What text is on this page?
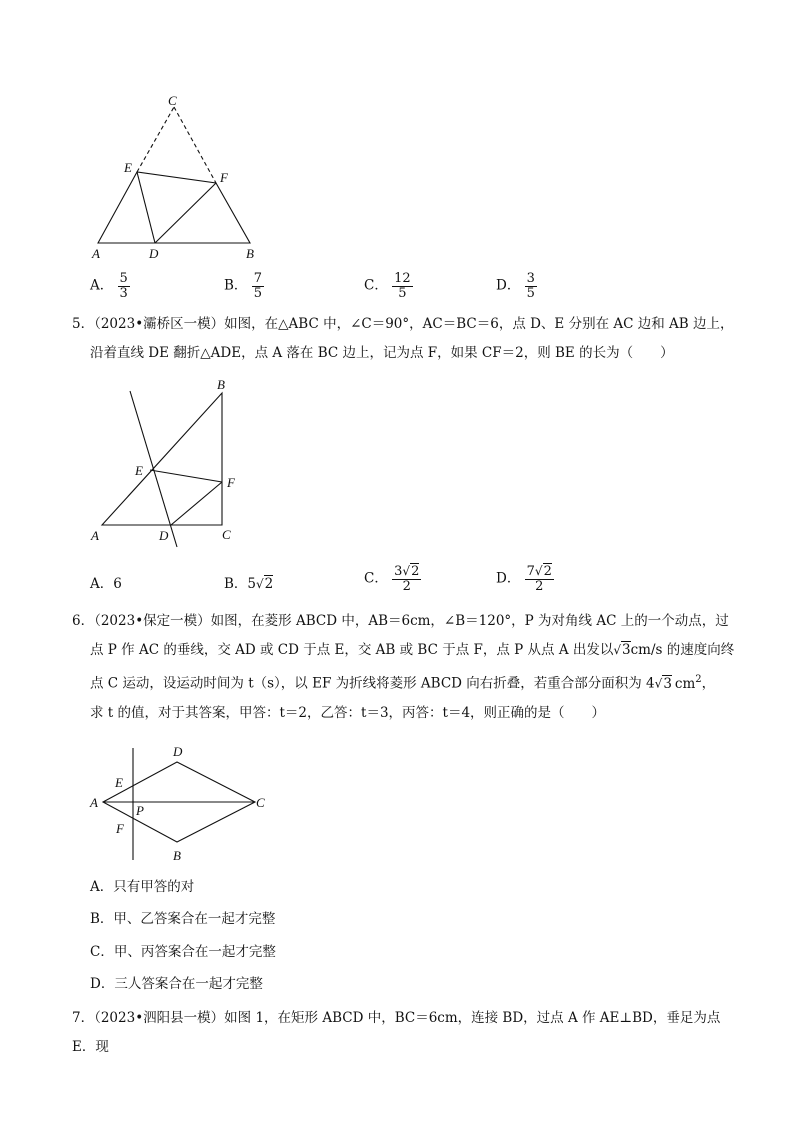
C
E
F
A	D	B
A． $\frac{5}{3}$	B． $\frac{7}{5}$	C． $\frac{12}{5}$	D． $\frac{3}{5}$
5．（2023•灞桥区一模）如图，在△ABC 中，∠C＝90°，AC＝BC＝6，点 D、E 分别在 AC 边和 AB 边上，
沿着直线 DE 翻折△ADE，点 A 落在 BC 边上，记为点 F，如果 CF＝2，则 BE 的长为（　　）
B
E
F
A	D	C
A．6	B．5√2	C． $\frac{3√2}{2}$	D． $\frac{7√2}{2}$
6．（2023•保定一模）如图，在菱形 ABCD 中，AB＝6cm，∠B＝120°，P 为对角线 AC 上的一个动点，过
点 P 作 AC 的垂线，交 AD 或 CD 于点 E，交 AB 或 BC 于点 F，点 P 从点 A 出发以√3cm/s 的速度向终
点 C 运动，设运动时间为 t（s），以 EF 为折线将菱形 ABCD 向右折叠，若重合部分面积为 4√3 $cm^2$，
求 t 的值，对于其答案，甲答：t＝2，乙答：t＝3，丙答：t＝4，则正确的是（　　）
D
E
A
P
C
F
B
A．只有甲答的对
B．甲、乙答案合在一起才完整
C．甲、丙答案合在一起才完整
D．三人答案合在一起才完整
7．（2023•泗阳县一模）如图 1，在矩形 ABCD 中，BC＝6cm，连接 BD，过点 A 作 AE⊥BD，垂足为点 E．现
